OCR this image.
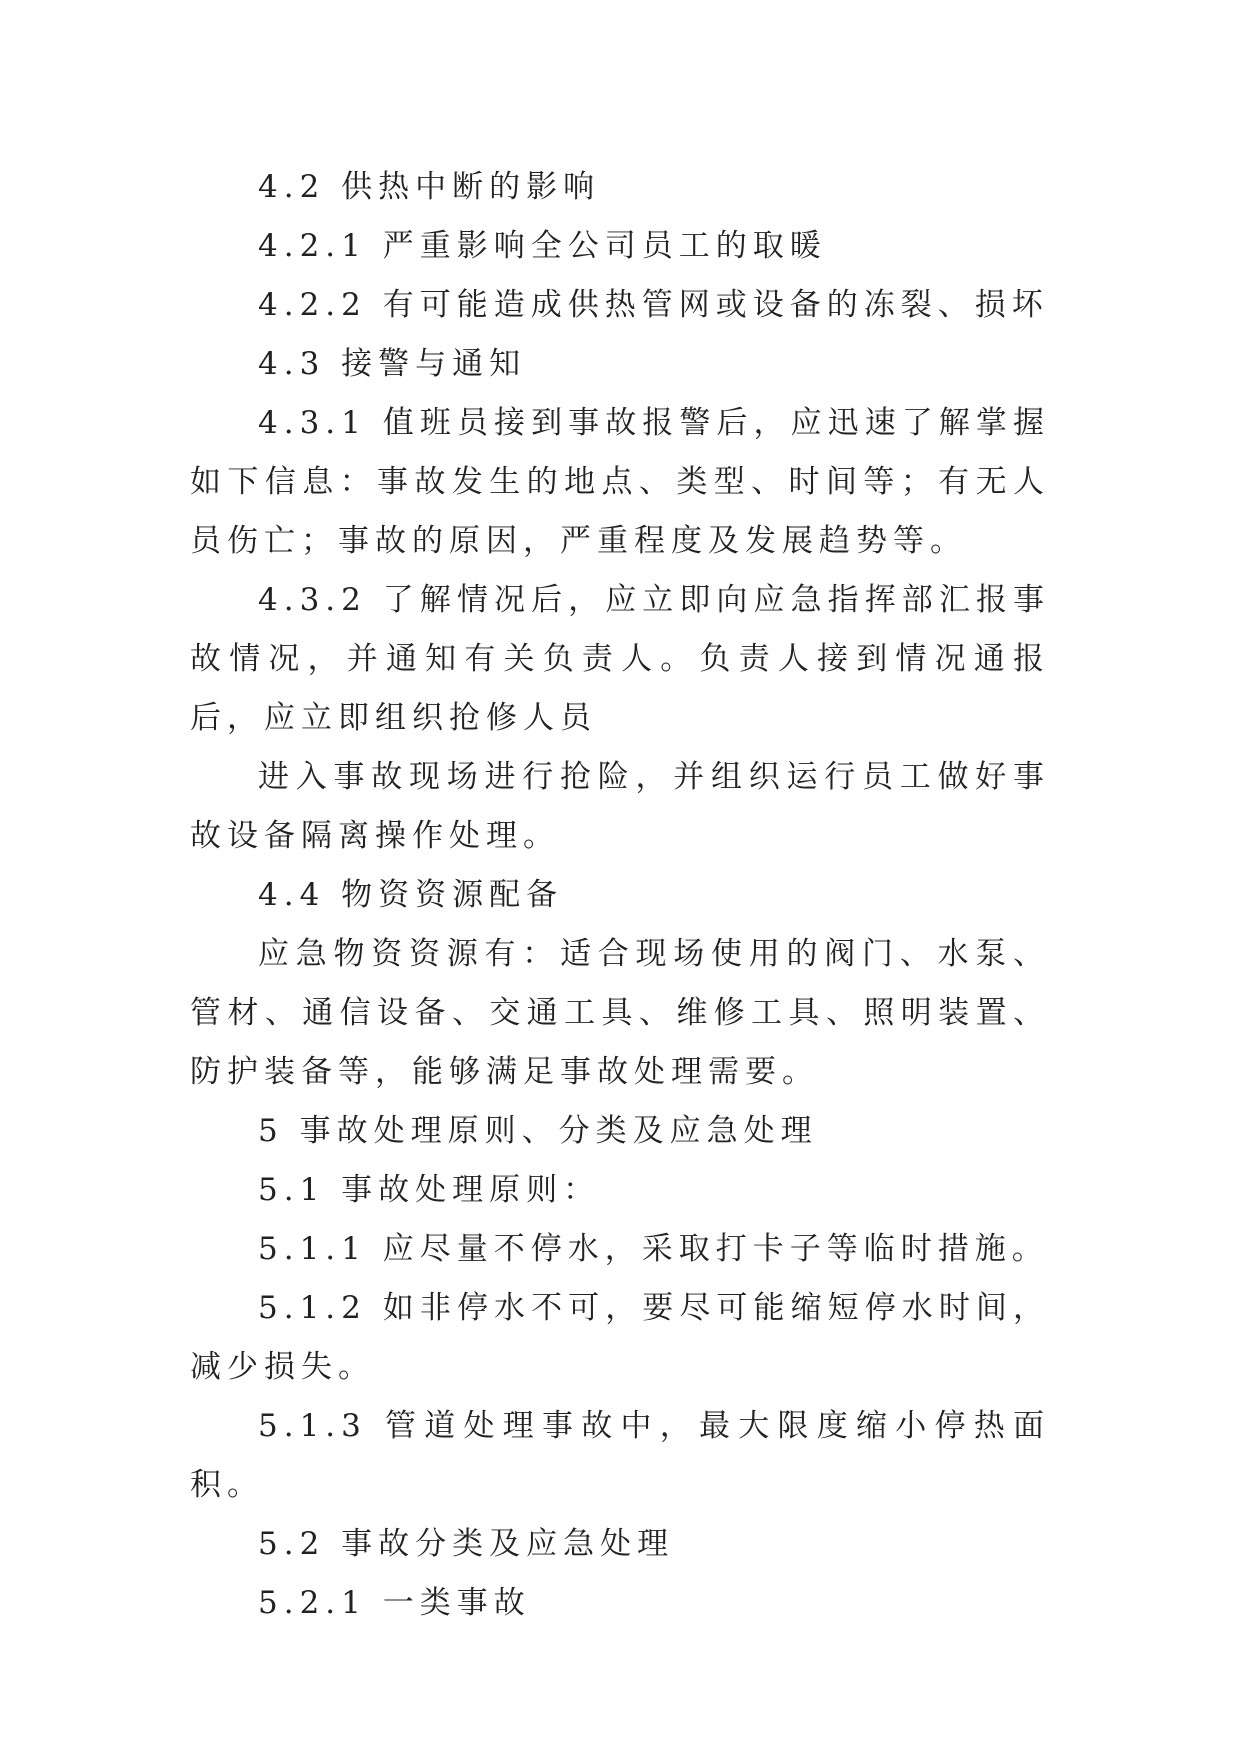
4.2 供热中断的影响

4.2.1 严重影响全公司员工的取暖

4.2.2 有可能造成供热管网或设备的冻裂、损坏

4.3 接警与通知

4.3.1 值班员接到事故报警后，应迅速了解掌握如下信息：事故发生的地点、类型、时间等；有无人员伤亡；事故的原因，严重程度及发展趋势等。

4.3.2 了解情况后，应立即向应急指挥部汇报事故情况，并通知有关负责人。负责人接到情况通报后，应立即组织抢修人员

进入事故现场进行抢险，并组织运行员工做好事故设备隔离操作处理。

4.4 物资资源配备

应急物资资源有：适合现场使用的阀门、水泵、管材、通信设备、交通工具、维修工具、照明装置、防护装备等，能够满足事故处理需要。

5 事故处理原则、分类及应急处理

5.1 事故处理原则：

5.1.1 应尽量不停水，采取打卡子等临时措施。

5.1.2 如非停水不可，要尽可能缩短停水时间，减少损失。

5.1.3 管道处理事故中，最大限度缩小停热面积。

5.2 事故分类及应急处理

5.2.1 一类事故
